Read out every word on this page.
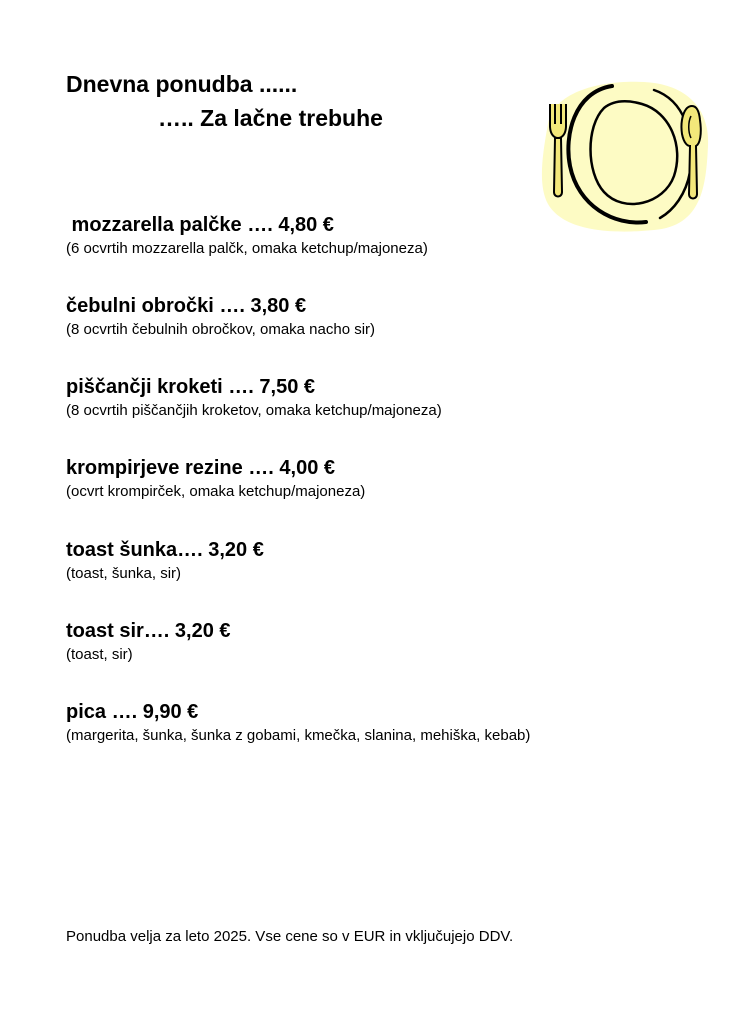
Dnevna ponudba ......
….. Za lačne trebuhe
mozzarella palčke …. 4,80 €
(6 ocvrtih mozzarella palčk, omaka ketchup/majoneza)
čebulni obročki …. 3,80 €
(8 ocvrtih čebulnih obročkov, omaka nacho sir)
piščančji kroketi …. 7,50 €
(8 ocvrtih piščančjih kroketov, omaka ketchup/majoneza)
krompirjeve rezine …. 4,00 €
(ocvrt krompirček, omaka ketchup/majoneza)
toast šunka…. 3,20 €
(toast, šunka, sir)
toast sir…. 3,20 €
(toast, sir)
pica …. 9,90 €
(margerita, šunka, šunka z gobami, kmečka, slanina, mehiška, kebab)
Ponudba velja za leto 2025. Vse cene so v EUR in vključujejo DDV.
